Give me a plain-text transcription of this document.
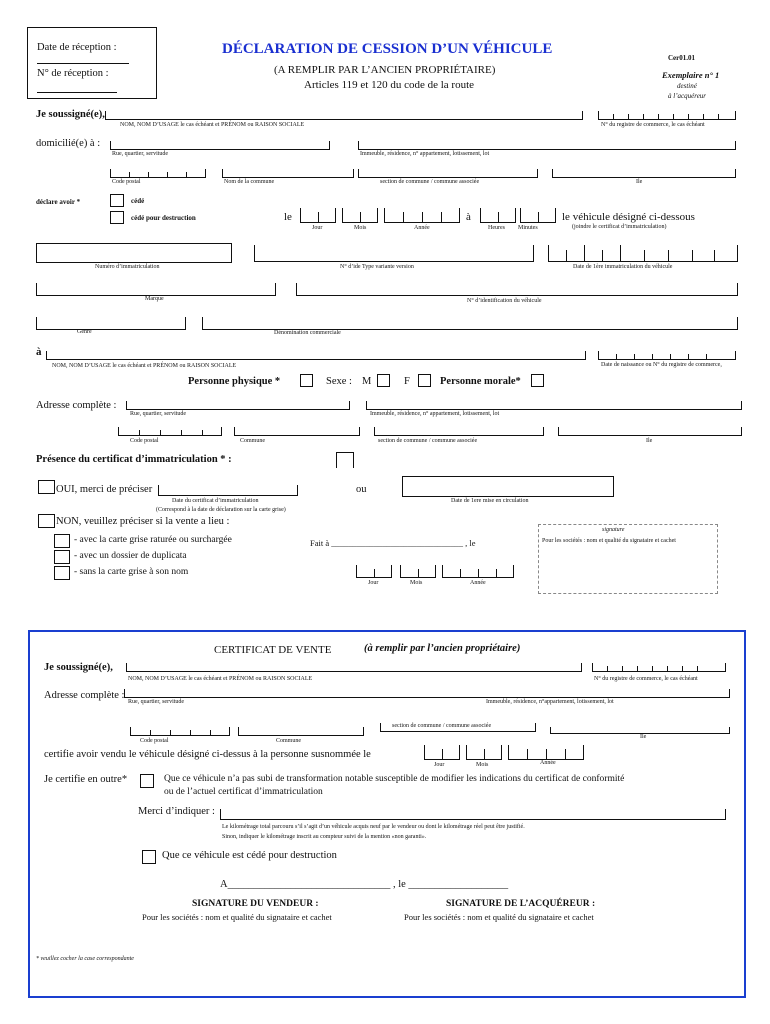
Date de réception :
N° de réception :
DÉCLARATION DE CESSION D’UN VÉHICULE
(A REMPLIR PAR L’ANCIEN PROPRIÉTAIRE)
Articles 119 et 120 du code de la route
Cer01.01
Exemplaire n° 1
destiné
à l’acquéreur
Je soussigné(e),
NOM, NOM D’USAGE le cas échéant et PRÉNOM ou RAISON SOCIALE	N° du registre de commerce, le cas échéant
domicilié(e) à :
Rue, quartier, servitude	Immeuble, résidence, n° appartement, lotissement, lot
Code postal	Nom de la commune	section de commune / commune associée	Ile
déclare avoir *	cédé
cédé pour destruction	le
Jour	Mois	Année
à
Heures Minutes
le véhicule désigné ci-dessous
(joindre le certificat d’immatriculation)
Numéro d’immatriculation	N° d’ide Type variante version	Date de 1ère immatriculation du véhicule
Marque	N° d’identification du véhicule
Genre	Dénomination commerciale
à
NOM, NOM D’USAGE le cas échéant et PRÉNOM ou RAISON SOCIALE	Date de naissance ou N° du registre de commerce,
Personne physique *	Sexe : M	F	Personne morale*
Adresse complète :
Rue, quartier, servitude	Immeuble, résidence, n° appartement, lotissement, lot
Code postal	Commune	section de commune / commune associée	Ile
Présence du certificat d’immatriculation * :
OUI, merci de préciser
Date du certificat d’immatriculation
(Correspond à la date de déclaration sur la carte grise)
ou
Date de 1ere mise en circulation
NON, veuillez préciser si la vente a lieu :
- avec la carte grise raturée ou surchargée
- avec un dossier de duplicata
- sans la carte grise à son nom
Fait à _______________________________ , le
Jour	Mois	Année
signature
Pour les sociétés : nom et qualité du signataire et cachet
CERTIFICAT DE VENTE	(à remplir par l’ancien propriétaire)
Je soussigné(e),
NOM, NOM D’USAGE le cas échéant et PRÉNOM ou RAISON SOCIALE	N° du registre de commerce, le cas échéant
Adresse complète :
Rue, quartier, servitude	Immeuble, résidence, n°appartement, lotissement, lot
section de commune / commune associée
Ile
Code postal	Commune
certifie avoir vendu le véhicule désigné ci-dessus à la personne susnommée le
Jour	Mois	Année
Je certifie en outre*	Que ce véhicule n’a pas subi de transformation notable susceptible de modifier les indications du certificat de conformité
ou de l’actuel certificat d’immatriculation
Merci d’indiquer :
Le kilométrage total parcouru s’il s’agit d’un véhicule acquis neuf par le vendeur ou dont le kilométrage réel peut être justifié.
Sinon, indiquer le kilométrage inscrit au compteur suivi de la mention «non garanti».
Que ce véhicule est cédé pour destruction
A_______________________________ , le ___________________
SIGNATURE DU VENDEUR :
Pour les sociétés : nom et qualité du signataire et cachet
SIGNATURE DE L’ACQUÉREUR :
Pour les sociétés : nom et qualité du signataire et cachet
* veuillez cocher la case correspondante
